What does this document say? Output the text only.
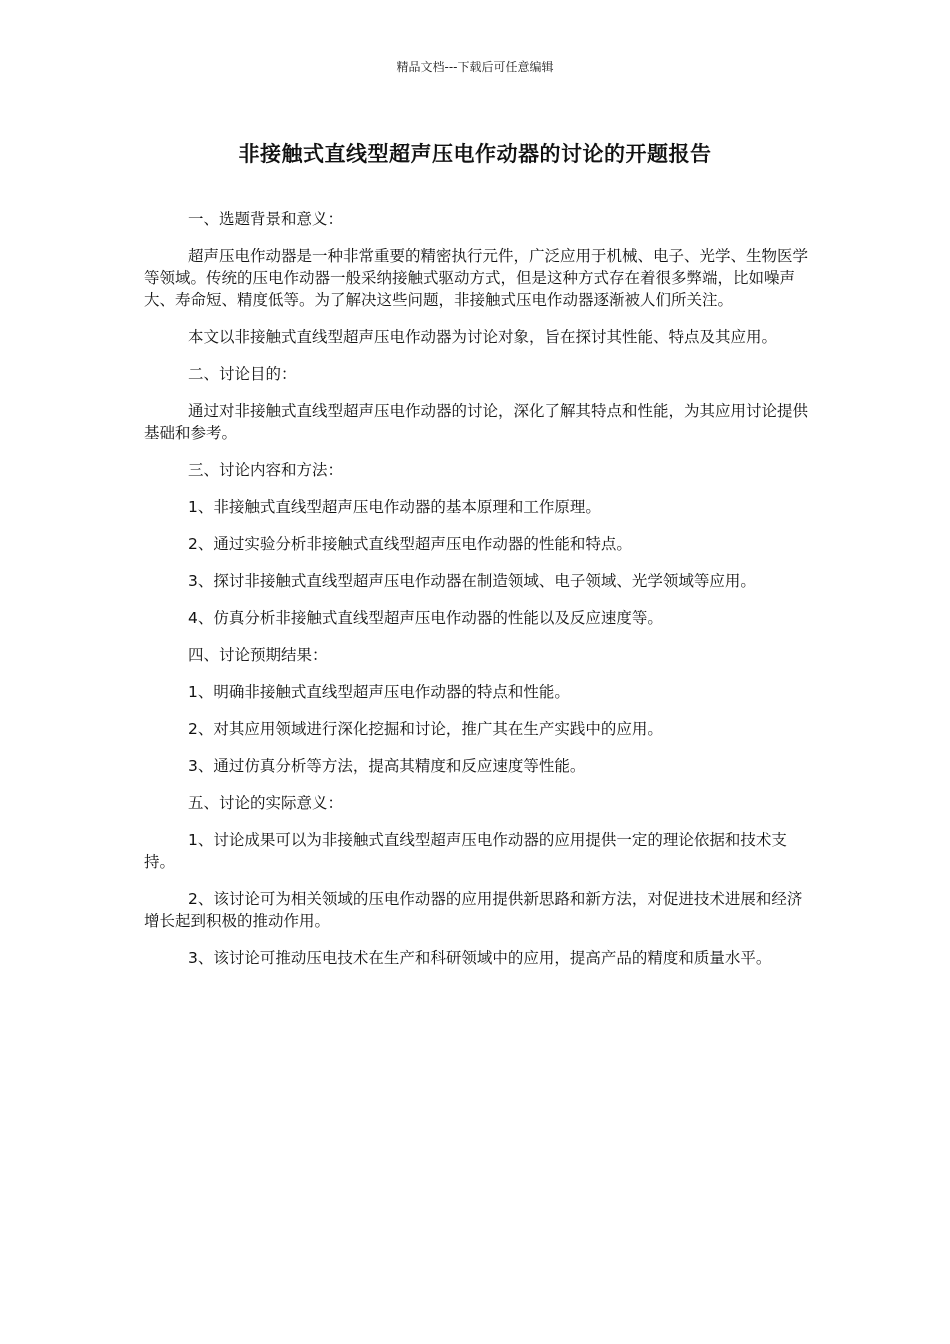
精品文档---下载后可任意编辑
非接触式直线型超声压电作动器的讨论的开题报告

一、选题背景和意义：

超声压电作动器是一种非常重要的精密执行元件，广泛应用于机械、电子、光学、生物医学等领域。传统的压电作动器一般采纳接触式驱动方式，但是这种方式存在着很多弊端，比如噪声大、寿命短、精度低等。为了解决这些问题，非接触式压电作动器逐渐被人们所关注。

本文以非接触式直线型超声压电作动器为讨论对象，旨在探讨其性能、特点及其应用。

二、讨论目的：

通过对非接触式直线型超声压电作动器的讨论，深化了解其特点和性能，为其应用讨论提供基础和参考。

三、讨论内容和方法：

1、非接触式直线型超声压电作动器的基本原理和工作原理。

2、通过实验分析非接触式直线型超声压电作动器的性能和特点。

3、探讨非接触式直线型超声压电作动器在制造领域、电子领域、光学领域等应用。

4、仿真分析非接触式直线型超声压电作动器的性能以及反应速度等。

四、讨论预期结果：

1、明确非接触式直线型超声压电作动器的特点和性能。

2、对其应用领域进行深化挖掘和讨论，推广其在生产实践中的应用。

3、通过仿真分析等方法，提高其精度和反应速度等性能。

五、讨论的实际意义：

1、讨论成果可以为非接触式直线型超声压电作动器的应用提供一定的理论依据和技术支持。

2、该讨论可为相关领域的压电作动器的应用提供新思路和新方法，对促进技术进展和经济增长起到积极的推动作用。

3、该讨论可推动压电技术在生产和科研领域中的应用，提高产品的精度和质量水平。
